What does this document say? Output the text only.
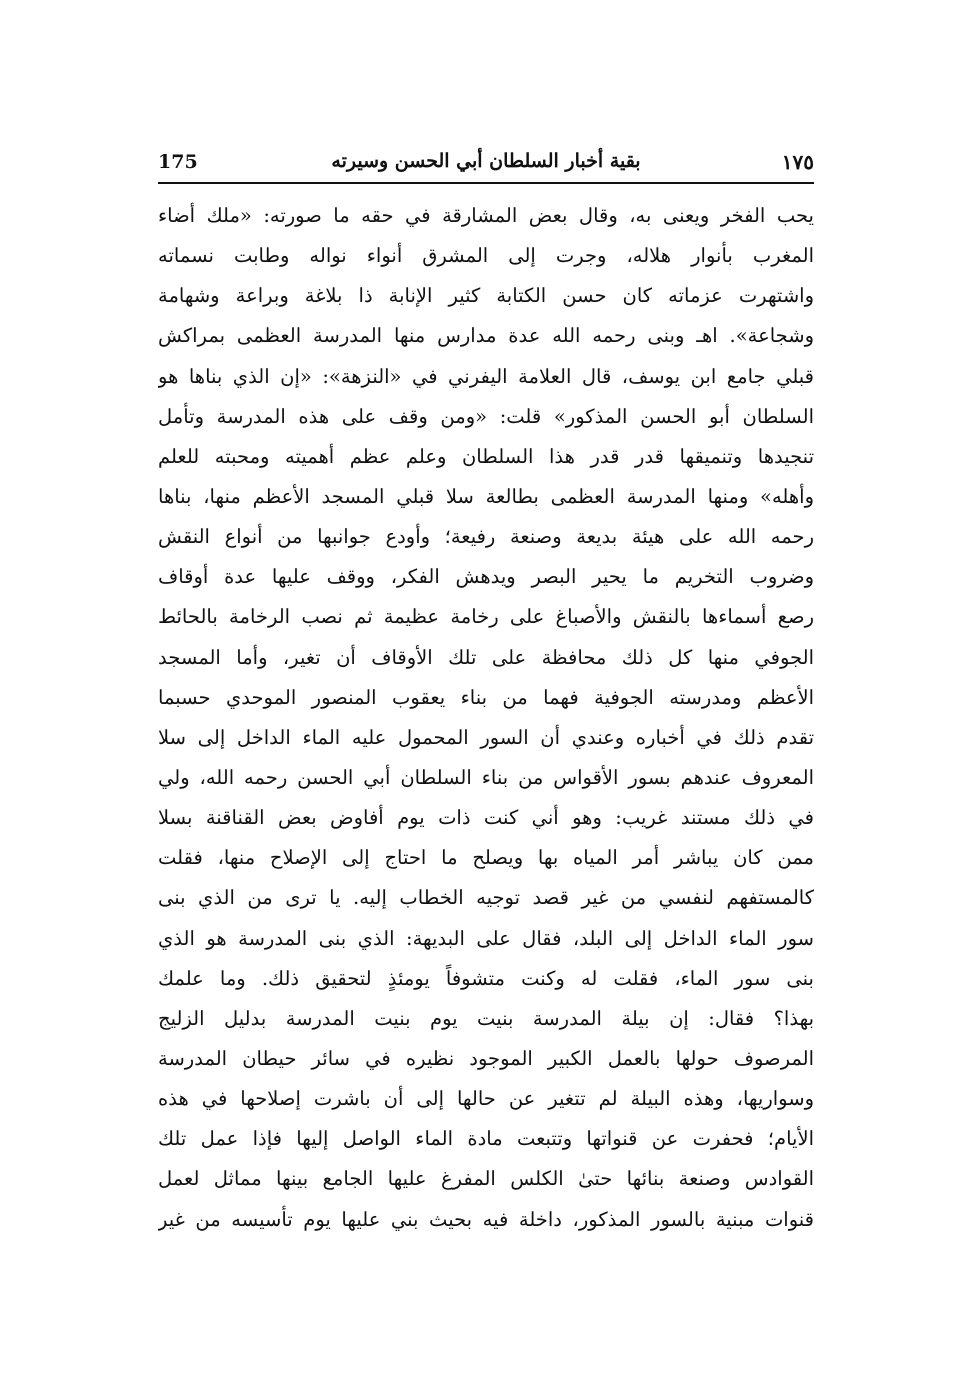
١٧٥
بقية أخبار السلطان أبي الحسن وسيرته
175
يحب الفخر ويعنى به، وقال بعض المشارقة في حقه ما صورته: «ملك أضاء
المغرب بأنوار هلاله، وجرت إلى المشرق أنواء نواله وطابت نسماته
واشتهرت عزماته كان حسن الكتابة كثير الإنابة ذا بلاغة وبراعة وشهامة
وشجاعة». اهـ وبنى رحمه الله عدة مدارس منها المدرسة العظمى بمراكش
قبلي جامع ابن يوسف، قال العلامة اليفرني في «النزهة»: «إن الذي بناها هو
السلطان أبو الحسن المذكور» قلت: «ومن وقف على هذه المدرسة وتأمل
تنجيدها وتنميقها قدر قدر هذا السلطان وعلم عظم أهميته ومحبته للعلم
وأهله» ومنها المدرسة العظمى بطالعة سلا قبلي المسجد الأعظم منها، بناها
رحمه الله على هيئة بديعة وصنعة رفيعة؛ وأودع جوانبها من أنواع النقش
وضروب التخريم ما يحير البصر ويدهش الفكر، ووقف عليها عدة أوقاف
رصع أسماءها بالنقش والأصباغ على رخامة عظيمة ثم نصب الرخامة بالحائط
الجوفي منها كل ذلك محافظة على تلك الأوقاف أن تغير، وأما المسجد
الأعظم ومدرسته الجوفية فهما من بناء يعقوب المنصور الموحدي حسبما
تقدم ذلك في أخباره وعندي أن السور المحمول عليه الماء الداخل إلى سلا
المعروف عندهم بسور الأقواس من بناء السلطان أبي الحسن رحمه الله، ولي
في ذلك مستند غريب: وهو أني كنت ذات يوم أفاوض بعض القناقنة بسلا
ممن كان يباشر أمر المياه بها ويصلح ما احتاج إلى الإصلاح منها، فقلت
كالمستفهم لنفسي من غير قصد توجيه الخطاب إليه. يا ترى من الذي بنى
سور الماء الداخل إلى البلد، فقال على البديهة: الذي بنى المدرسة هو الذي
بنى سور الماء، فقلت له وكنت متشوفاً يومئذٍ لتحقيق ذلك. وما علمك
بهذا؟ فقال: إن بيلة المدرسة بنيت يوم بنيت المدرسة بدليل الزليج
المرصوف حولها بالعمل الكبير الموجود نظيره في سائر حيطان المدرسة
وسواريها، وهذه البيلة لم تتغير عن حالها إلى أن باشرت إصلاحها في هذه
الأيام؛ فحفرت عن قنواتها وتتبعت مادة الماء الواصل إليها فإذا عمل تلك
القوادس وصنعة بنائها حتىٰ الكلس المفرغ عليها الجامع بينها مماثل لعمل
قنوات مبنية بالسور المذكور، داخلة فيه بحيث بني عليها يوم تأسيسه من غير
